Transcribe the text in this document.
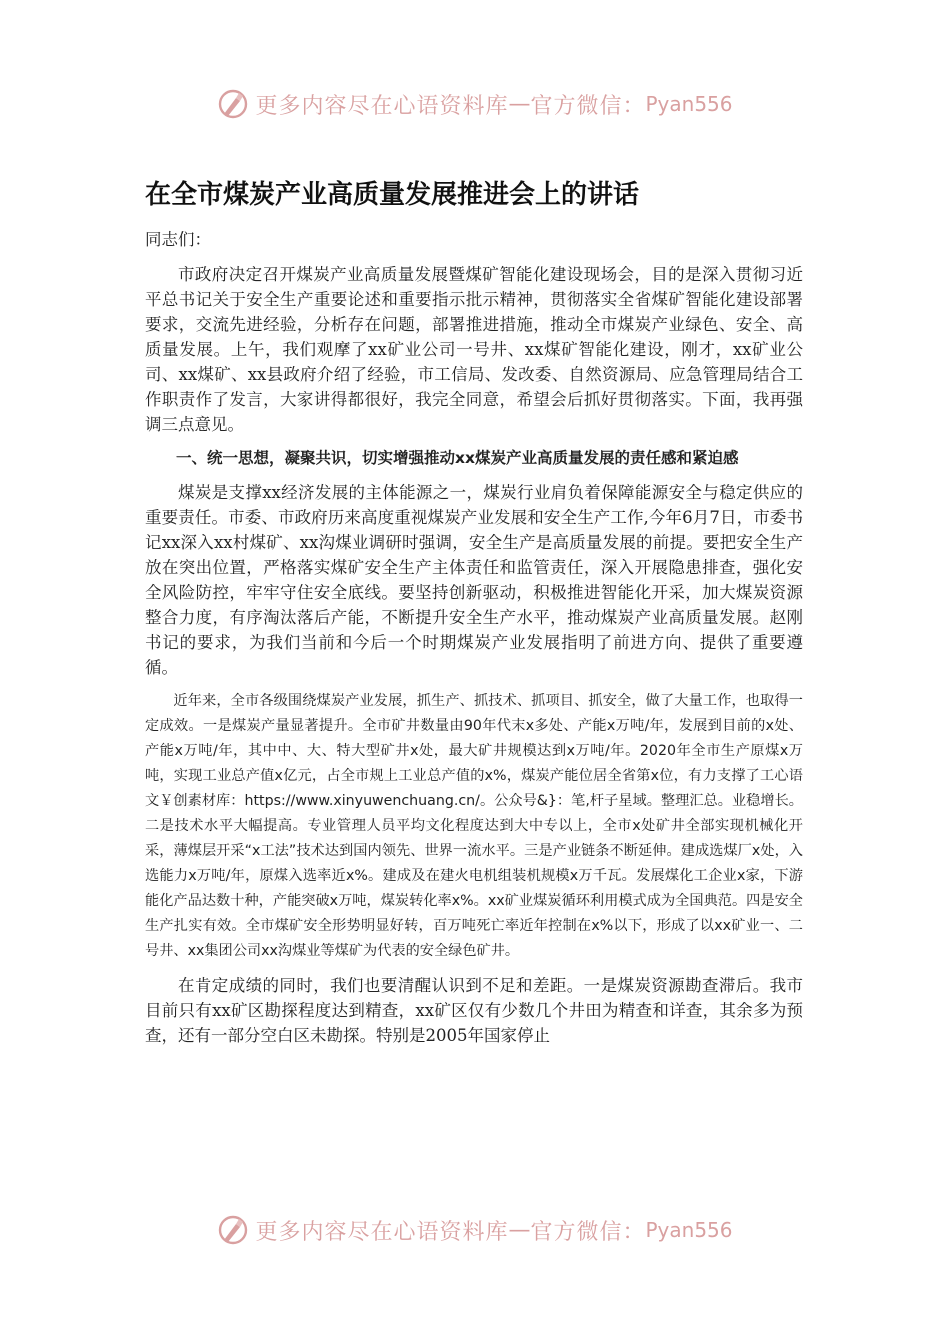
更多内容尽在心语资料库 — 官方微信： Pyan556
在全市煤炭产业高质量发展推进会上的讲话

同志们：

市政府决定召开煤炭产业高质量发展暨煤矿智能化建设现场会，目的是深入贯彻习近平总书记关于安全生产重要论述和重要指示批示精神，贯彻落实全省煤矿智能化建设部署要求，交流先进经验，分析存在问题，部署推进措施，推动全市煤炭产业绿色、安全、高质量发展。上午，我们观摩了xx矿业公司一号井、xx煤矿智能化建设，刚才，xx矿业公司、xx煤矿、xx县政府介绍了经验，市工信局、发改委、自然资源局、应急管理局结合工作职责作了发言，大家讲得都很好，我完全同意，希望会后抓好贯彻落实。下面，我再强调三点意见。

一、统一思想，凝聚共识，切实增强推动xx煤炭产业高质量发展的责任感和紧迫感

煤炭是支撑xx经济发展的主体能源之一，煤炭行业肩负着保障能源安全与稳定供应的重要责任。市委、市政府历来高度重视煤炭产业发展和安全生产工作,今年6月7日，市委书记xx深入xx村煤矿、xx沟煤业调研时强调，安全生产是高质量发展的前提。要把安全生产放在突出位置，严格落实煤矿安全生产主体责任和监管责任，深入开展隐患排查，强化安全风险防控，牢牢守住安全底线。要坚持创新驱动，积极推进智能化开采，加大煤炭资源整合力度，有序淘汰落后产能，不断提升安全生产水平，推动煤炭产业高质量发展。赵刚书记的要求，为我们当前和今后一个时期煤炭产业发展指明了前进方向、提供了重要遵循。

近年来，全市各级围绕煤炭产业发展，抓生产、抓技术、抓项目、抓安全，做了大量工作，也取得一定成效。一是煤炭产量显著提升。全市矿井数量由90年代末x多处、产能x万吨/年，发展到目前的x处、产能x万吨/年，其中中、大、特大型矿井x处，最大矿井规模达到x万吨/年。2020年全市生产原煤x万吨，实现工业总产值x亿元，占全市规上工业总产值的x%，煤炭产能位居全省第x位，有力支撑了工心语文￥创素材库：https://www.xinyuwenchuang.cn/。公众号&}：笔,杆子星域。整理汇总。业稳增长。二是技术水平大幅提高。专业管理人员平均文化程度达到大中专以上，全市x处矿井全部实现机械化开采，薄煤层开采“x工法”技术达到国内领先、世界一流水平。三是产业链条不断延伸。建成选煤厂x处，入选能力x万吨/年，原煤入选率近x%。建成及在建火电机组装机规模x万千瓦。发展煤化工企业x家，下游能化产品达数十种，产能突破x万吨，煤炭转化率x%。xx矿业煤炭循环利用模式成为全国典范。四是安全生产扎实有效。全市煤矿安全形势明显好转，百万吨死亡率近年控制在x%以下，形成了以xx矿业一、二号井、xx集团公司xx沟煤业等煤矿为代表的安全绿色矿井。

在肯定成绩的同时，我们也要清醒认识到不足和差距。一是煤炭资源勘查滞后。我市目前只有xx矿区勘探程度达到精查，xx矿区仅有少数几个井田为精查和详查，其余多为预查，还有一部分空白区未勘探。特别是2005年国家停止

更多内容尽在心语资料库 — 官方微信： Pyan556
